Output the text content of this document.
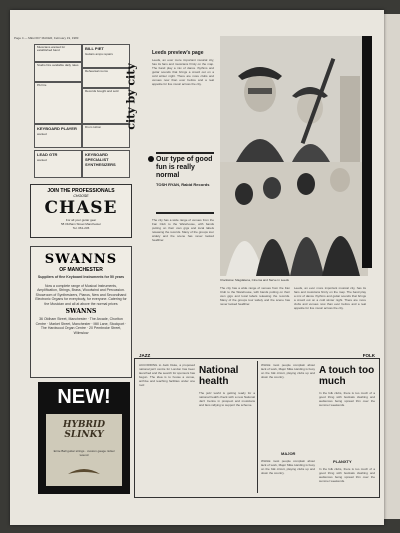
Page 4 — MELODY MAKER, February 19, 1983
Musicians wanted for established band	BILL PIET
Guitars amps repairs
Studio hire available daily rates
Rehearsal rooms
PA hire
Records bought and sold
KEYBOARD PLAYER
wanted
Drum tuition
LEAD GTR
wanted
KEYBOARD SPECIALIST SYNTHESIZERS
JOIN THE PROFESSIONALS
CHOOSE
CHASE
For all your guitar gear
58 Oldham Street Manchester
Tel. 061-236
SWANNS
OF MANCHESTER
Suppliers of fine Keyboard Instruments for 50 years
Now a complete range of Musical Instruments, Amplification, Strings, Brass, Woodwind and Percussion. Showroom of Synthesizers, Pianos, New and Secondhand Electronic Organs for everybody, for everyone. Catering for the Musician and all at above the normal prices
SWANNS
36 Oldham Street, Manchester · The Arcade, Chorlton Centre · Market Street, Manchester · Mill Lane, Stockport · The Hardwood Organ Centre · 20 Pembroke Street, Wilmslow
NEW!
HYBRID SLINKY
Ernie Ball guitar strings · custom gauge nickel wound
city by city
Leeds preview's page
Leeds, an ever more important musical city, has its fans and musicians firmly on the map. The band play a mix of dance rhythms and guitar sounds that brings a crowd out on a cold winter night. There are more clubs and venues now than ever before and a real appetite for live music across the city.
Our type of good fun is really normal
TOSH RYAN, Rabid Records
The city has a wide range of venues from the Fan Club to the Warehouse, with bands putting on their own gigs and local labels releasing the records. Many of the groups tour widely and the scene has never looked healthier.
Clockwise: Magdalena, Cinema and Nerve in Leeds
The city has a wide range of venues from the Fan Club to the Warehouse, with bands putting on their own gigs and local labels releasing the records. Many of the groups tour widely and the scene has never looked healthier.
Leeds, an ever more important musical city, has its fans and musicians firmly on the map. The band play a mix of dance rhythms and guitar sounds that brings a crowd out on a cold winter night. There are more clubs and venues now than ever before and a real appetite for live music across the city.
JAZZ	FOLK
ACCORDING to Jack Duke, a proposed national jazz centre for London has been launched and the search for sponsors has begun. The idea is to house a venue, archive and teaching facilities under one roof.
National health
The jazz world is getting ready for a national health check with a new National Jazz Centre in prospect and musicians and fans rallying to support the scheme.
WHILE most people complain about lack of work, Major Mike Harding is busy on the folk circuit, playing clubs up and down the country.
MAJOR
WHILE most people complain about lack of work, Major Mike Harding is busy on the folk circuit, playing clubs up and down the country.
A touch too much
In the folk clubs, there is too much of a good thing with festivals clashing and audiences being spread thin over the summer weekends.
PLANXTY
In the folk clubs, there is too much of a good thing with festivals clashing and audiences being spread thin over the summer weekends.
